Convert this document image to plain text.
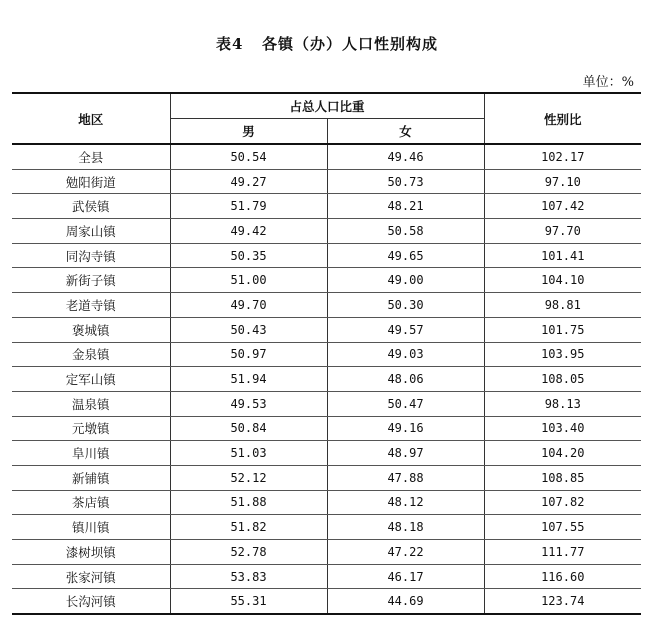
表4   各镇（办）人口性别构成
单位：%
地区	占总人口比重		性别比
	男	女	
全县	50.54	49.46	102.17
勉阳街道	49.27	50.73	97.10
武侯镇	51.79	48.21	107.42
周家山镇	49.42	50.58	97.70
同沟寺镇	50.35	49.65	101.41
新街子镇	51.00	49.00	104.10
老道寺镇	49.70	50.30	98.81
褒城镇	50.43	49.57	101.75
金泉镇	50.97	49.03	103.95
定军山镇	51.94	48.06	108.05
温泉镇	49.53	50.47	98.13
元墩镇	50.84	49.16	103.40
阜川镇	51.03	48.97	104.20
新铺镇	52.12	47.88	108.85
茶店镇	51.88	48.12	107.82
镇川镇	51.82	48.18	107.55
漆树坝镇	52.78	47.22	111.77
张家河镇	53.83	46.17	116.60
长沟河镇	55.31	44.69	123.74
